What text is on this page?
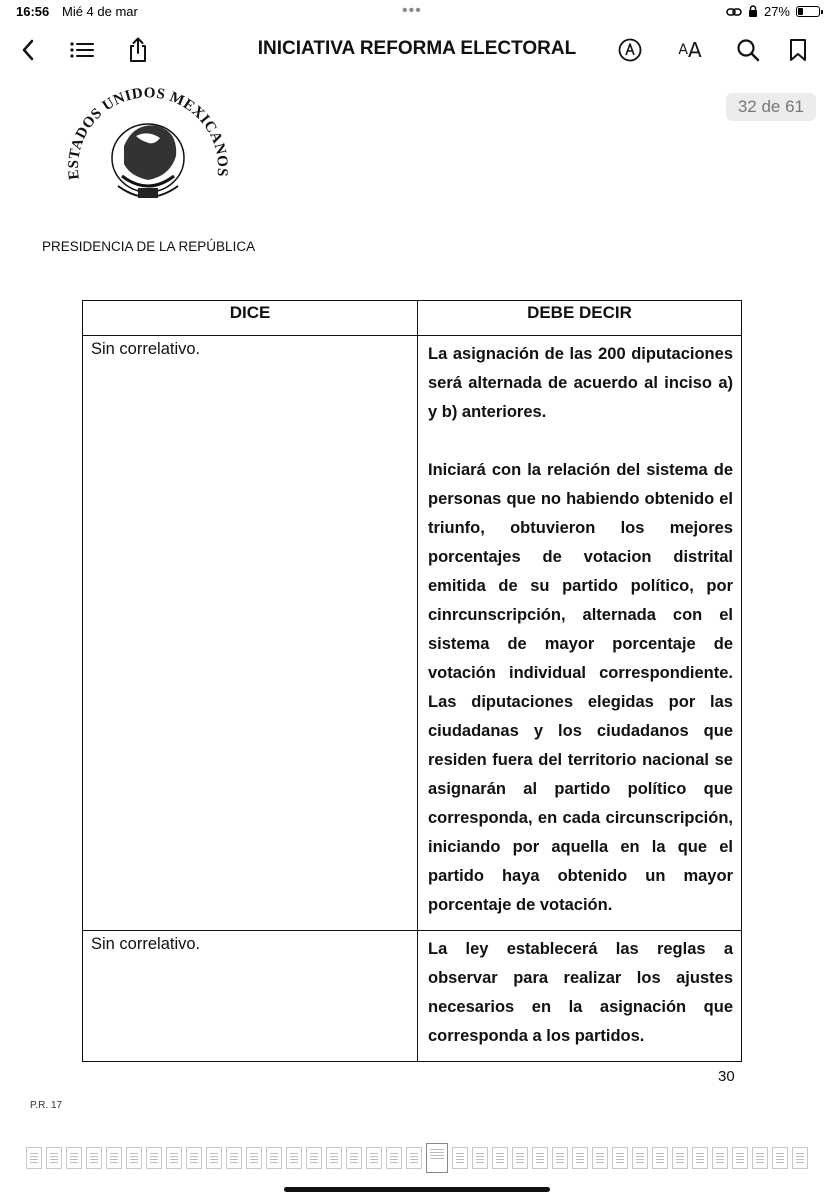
16:56 Mié 4 de mar	•••	27%
INICIATIVA REFORMA ELECTORAL	A A
32 de 61
ESTADOS UNIDOS MEXICANOS
PRESIDENCIA DE LA REPÚBLICA
DICE	DEBE DECIR
Sin correlativo.	La asignación de las 200 diputaciones será alternada de acuerdo al inciso a) y b) anteriores.

Iniciará con la relación del sistema de personas que no habiendo obtenido el triunfo, obtuvieron los mejores porcentajes de votacion distrital emitida de su partido político, por cinrcunscripción, alternada con el sistema de mayor porcentaje de votación individual correspondiente. Las diputaciones elegidas por las ciudadanas y los ciudadanos que residen fuera del territorio nacional se asignarán al partido político que corresponda, en cada circunscripción, iniciando por aquella en la que el partido haya obtenido un mayor porcentaje de votación.

Sin correlativo.	La ley establecerá las reglas a observar para realizar los ajustes necesarios en la asignación que corresponda a los partidos.

30
P.R. 17
